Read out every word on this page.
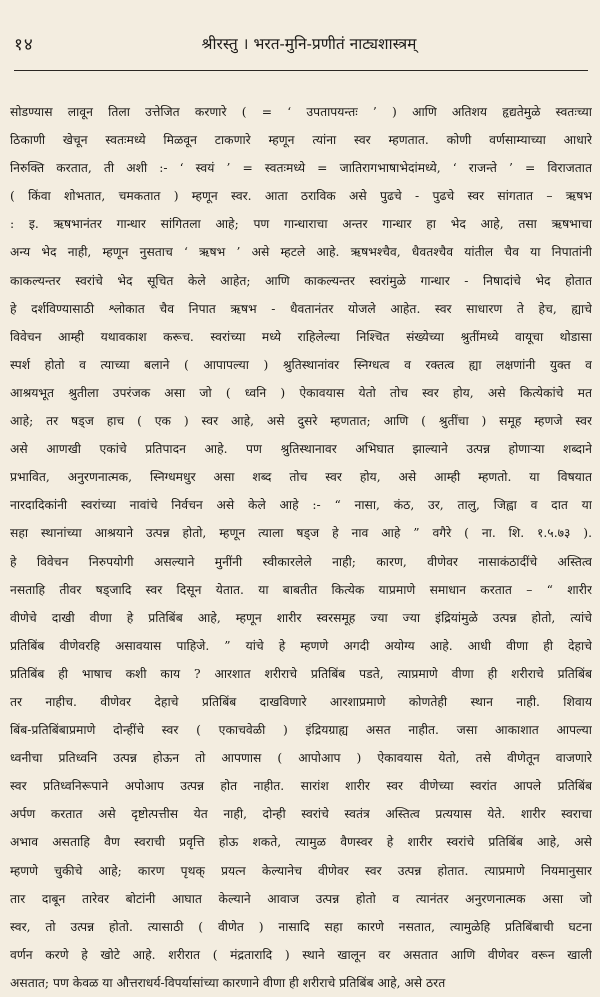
१४	श्रीरस्तु । भरत-मुनि-प्रणीतं नाट्यशास्त्रम्
सोडण्यास लावून तिला उत्तेजित करणारे ( = ‘ उपतापयन्तः ’ ) आणि अतिशय हृद्यतेमुळे स्वतःच्या
ठिकाणी खेचून स्वतःमध्ये मिळवून टाकणारे म्हणून त्यांना स्वर म्हणतात. कोणी वर्णसाम्याच्या आधारे
निरुक्ति करतात, ती अशी :- ‘ स्वयं ’ = स्वतःमध्ये = जातिरागभाषाभेदांमध्ये, ‘ राजन्ते ’ = विराजतात
( किंवा शोभतात, चमकतात ) म्हणून स्वर. आता ठराविक असे पुढचे - पुढचे स्वर सांगतात – ऋषभ
: इ. ऋषभानंतर गान्धार सांगितला आहे; पण गान्धाराचा अन्तर गान्धार हा भेद आहे, तसा ऋषभाचा
अन्य भेद नाही, म्हणून नुसताच ‘ ऋषभ ’ असे म्हटले आहे. ऋषभश्चैव, धैवतश्चैव यांतील चैव या निपातांनी
काकल्यन्तर स्वरांचे भेद सूचित केले आहेत; आणि काकल्यन्तर स्वरांमुळे गान्धार - निषादांचे भेद होतात
हे दर्शविण्यासाठी श्लोकात चैव निपात ऋषभ - धैवतानंतर योजले आहेत. स्वर साधारण ते हेच, ह्याचे
विवेचन आम्ही यथावकाश करूच. स्वरांच्या मध्ये राहिलेल्या निश्चित संख्येच्या श्रुतींमध्ये वायूचा थोडासा
स्पर्श होतो व त्याच्या बलाने ( आपापल्या ) श्रुतिस्थानांवर स्निग्धत्व व रक्तत्व ह्या लक्षणांनी युक्त व
आश्रयभूत श्रुतीला उपरंजक असा जो ( ध्वनि ) ऐकावयास येतो तोच स्वर होय, असे कित्येकांचे मत
आहे; तर षड्ज हाच ( एक ) स्वर आहे, असे दुसरे म्हणतात; आणि ( श्रुतींचा ) समूह म्हणजे स्वर
असे आणखी एकांचे प्रतिपादन आहे. पण श्रुतिस्थानावर अभिघात झाल्याने उत्पन्न होणाऱ्या शब्दाने
प्रभावित, अनुरणनात्मक, स्निग्धमधुर असा शब्द तोच स्वर होय, असे आम्ही म्हणतो. या विषयात
नारदादिकांनी स्वरांच्या नावांचे निर्वचन असे केले आहे :- “ नासा, कंठ, उर, तालु, जिह्वा व दात या
सहा स्थानांच्या आश्रयाने उत्पन्न होतो, म्हणून त्याला षड्ज हे नाव आहे ” वगैरे ( ना. शि. १.५.७३ ).
हे विवेचन निरुपयोगी असल्याने मुनींनी स्वीकारलेले नाही; कारण, वीणेवर नासाकंठादींचे अस्तित्व
नसताहि तीवर षड्जादि स्वर दिसून येतात. या बाबतीत कित्येक याप्रमाणे समाधान करतात – “ शारीर
वीणेचे दाखी वीणा हे प्रतिबिंब आहे, म्हणून शारीर स्वरसमूह ज्या ज्या इंद्रियांमुळे उत्पन्न होतो, त्यांचे
प्रतिबिंब वीणेवरहि असावयास पाहिजे. ” यांचे हे म्हणणे अगदी अयोग्य आहे. आधी वीणा ही देहाचे
प्रतिबिंब ही भाषाच कशी काय ? आरशात शरीराचे प्रतिबिंब पडते, त्याप्रमाणे वीणा ही शरीराचे प्रतिबिंब
तर नाहीच. वीणेवर देहाचे प्रतिबिंब दाखविणारे आरशाप्रमाणे कोणतेही स्थान नाही. शिवाय
बिंब-प्रतिबिंबाप्रमाणे दोन्हींचे स्वर ( एकाचवेळी ) इंद्रियग्राह्य असत नाहीत. जसा आकाशात आपल्या
ध्वनीचा प्रतिध्वनि उत्पन्न होऊन तो आपणास ( आपोआप ) ऐकावयास येतो, तसे वीणेतून वाजणारे
स्वर प्रतिध्वनिरूपाने अपोआप उत्पन्न होत नाहीत. सारांश शारीर स्वर वीणेच्या स्वरांत आपले प्रतिबिंब
अर्पण करतात असे दृष्टोत्पत्तीस येत नाही, दोन्ही स्वरांचे स्वतंत्र अस्तित्व प्रत्ययास येते. शारीर स्वराचा
अभाव असताहि वैण स्वराची प्रवृत्ति होऊ शकते, त्यामुळ वैणस्वर हे शारीर स्वरांचे प्रतिबिंब आहे, असे
म्हणणे चुकीचे आहे; कारण पृथक् प्रयत्न केल्यानेच वीणेवर स्वर उत्पन्न होतात. त्याप्रमाणे नियमानुसार
तार दाबून तारेवर बोटांनी आघात केल्याने आवाज उत्पन्न होतो व त्यानंतर अनुरणनात्मक असा जो
स्वर, तो उत्पन्न होतो. त्यासाठी ( वीणेत ) नासादि सहा कारणे नसतात, त्यामुळेहि प्रतिबिंबाची घटना
वर्णन करणे हे खोटे आहे. शरीरात ( मंद्रतारादि ) स्थाने खालून वर असतात आणि वीणेवर वरून खाली
असतात; पण केवळ या औत्तराधर्य-विपर्यासांच्या कारणाने वीणा ही शरीराचे प्रतिबिंब आहे, असे ठरत
